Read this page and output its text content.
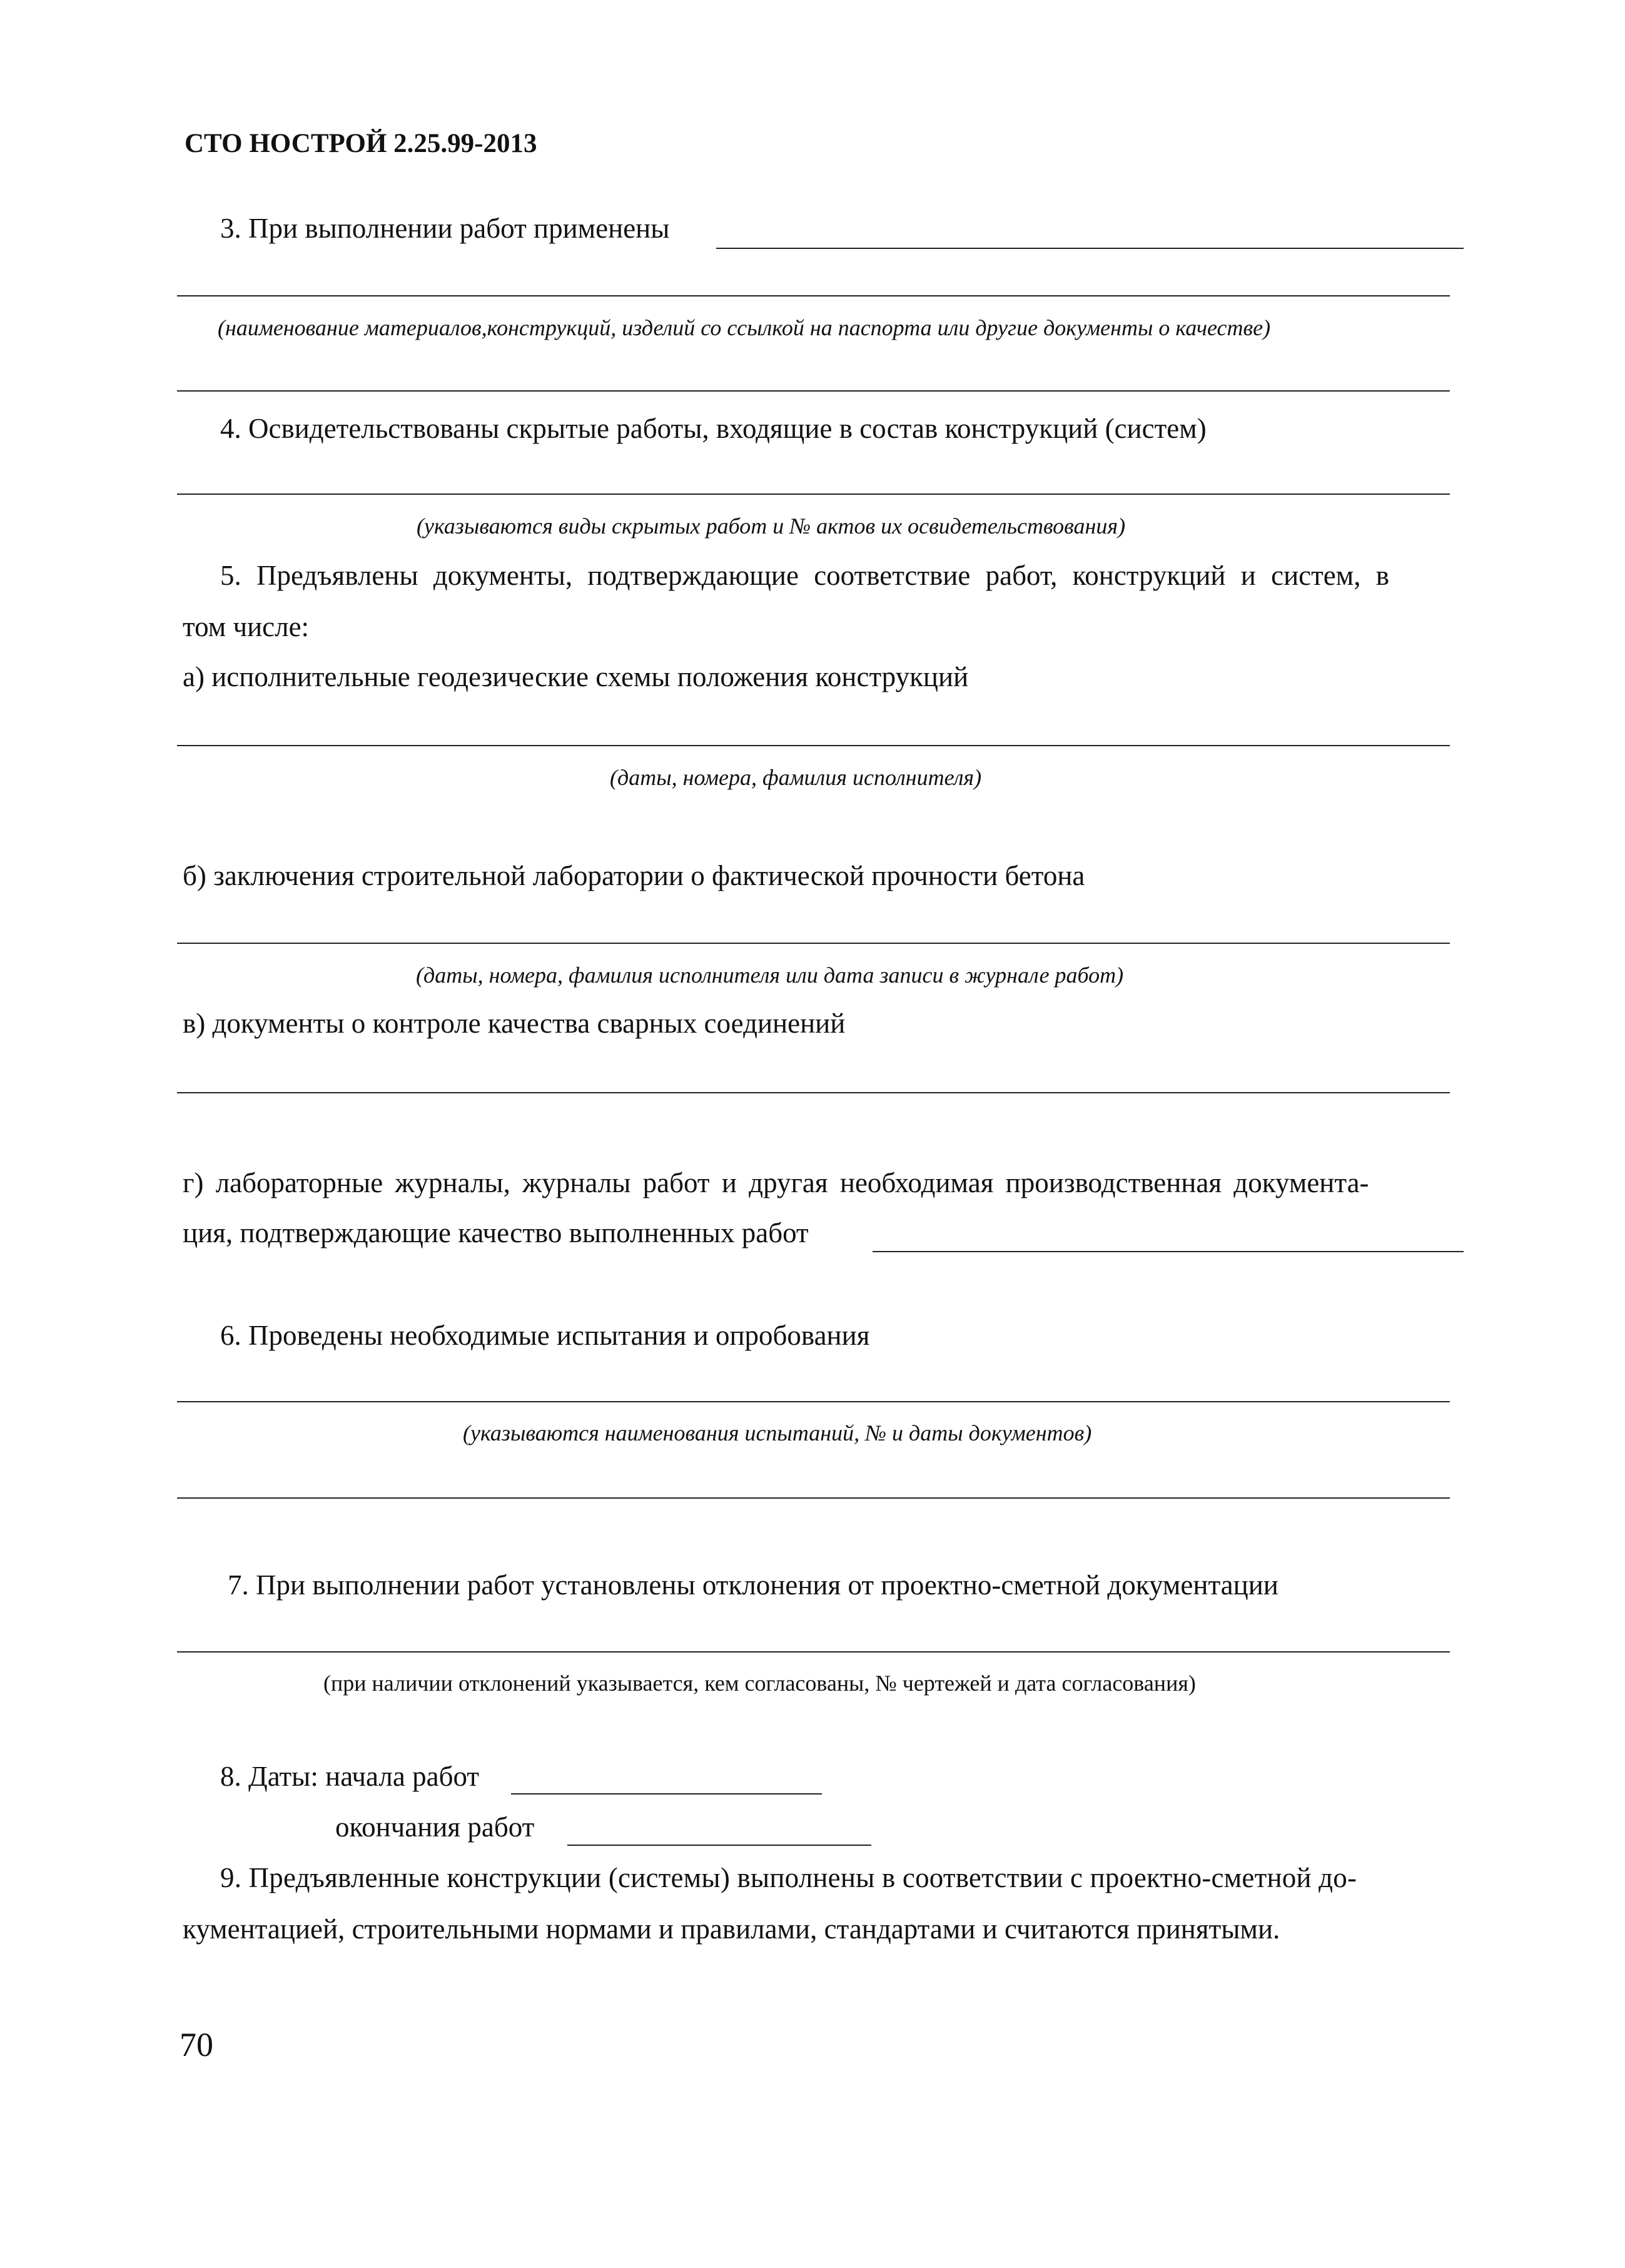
СТО НОСТРОЙ 2.25.99-2013
3. При выполнении работ применены
(наименование материалов,конструкций, изделий со ссылкой на паспорта или другие документы о качестве)
4. Освидетельствованы скрытые работы, входящие в состав конструкций (систем)
(указываются виды скрытых работ и № актов их освидетельствования)
5. Предъявлены документы, подтверждающие соответствие работ, конструкций и систем, в
том числе:
а) исполнительные геодезические схемы положения конструкций
(даты, номера, фамилия исполнителя)
б) заключения строительной лаборатории о фактической прочности бетона
(даты, номера, фамилия исполнителя или дата записи в журнале работ)
в) документы о контроле качества сварных соединений
г) лабораторные журналы, журналы работ и другая необходимая производственная документа-
ция, подтверждающие качество выполненных работ
6. Проведены необходимые испытания и опробования
(указываются наименования испытаний, № и даты документов)
7. При выполнении работ установлены отклонения от проектно-сметной документации
(при наличии отклонений указывается, кем согласованы, № чертежей и дата согласования)
8. Даты: начала работ
окончания работ
9. Предъявленные конструкции (системы) выполнены в соответствии с проектно-сметной до-
кументацией, строительными нормами и правилами, стандартами и считаются принятыми.
70
